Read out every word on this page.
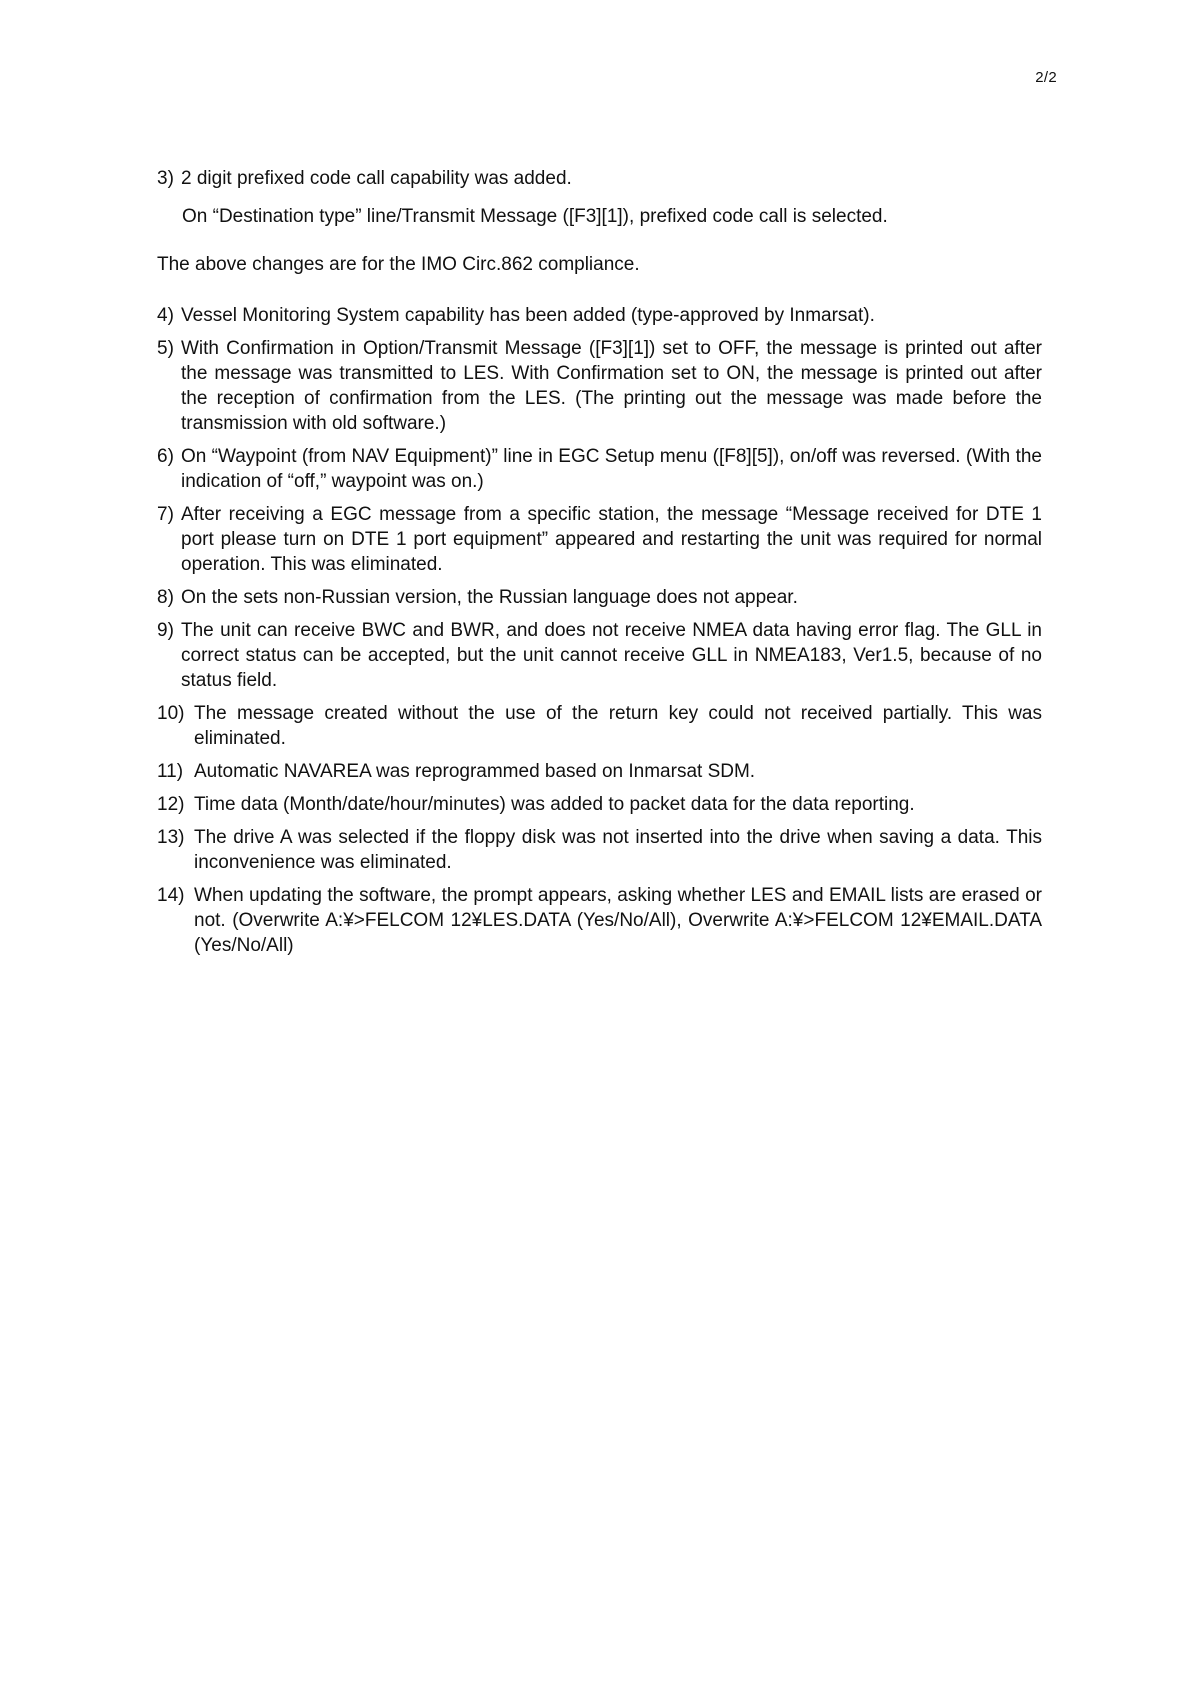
2/2
3) 2 digit prefixed code call capability was added.
On “Destination type” line/Transmit Message ([F3][1]), prefixed code call is selected.
The above changes are for the IMO Circ.862 compliance.
4) Vessel Monitoring System capability has been added (type-approved by Inmarsat).
5) With Confirmation in Option/Transmit Message ([F3][1]) set to OFF, the message is printed out after the message was transmitted to LES. With Confirmation set to ON, the message is printed out after the reception of confirmation from the LES. (The printing out the message was made before the transmission with old software.)
6) On “Waypoint (from NAV Equipment)” line in EGC Setup menu ([F8][5]), on/off was reversed. (With the indication of “off,” waypoint was on.)
7) After receiving a EGC message from a specific station, the message “Message received for DTE 1 port please turn on DTE 1 port equipment” appeared and restarting the unit was required for normal operation. This was eliminated.
8) On the sets non-Russian version, the Russian language does not appear.
9) The unit can receive BWC and BWR, and does not receive NMEA data having error flag. The GLL in correct status can be accepted, but the unit cannot receive GLL in NMEA183, Ver1.5, because of no status field.
10) The message created without the use of the return key could not received partially. This was eliminated.
11) Automatic NAVAREA was reprogrammed based on Inmarsat SDM.
12) Time data (Month/date/hour/minutes) was added to packet data for the data reporting.
13) The drive A was selected if the floppy disk was not inserted into the drive when saving a data. This inconvenience was eliminated.
14) When updating the software, the prompt appears, asking whether LES and EMAIL lists are erased or not. (Overwrite A:¥>FELCOM 12¥LES.DATA (Yes/No/All), Overwrite A:¥>FELCOM 12¥EMAIL.DATA (Yes/No/All)
